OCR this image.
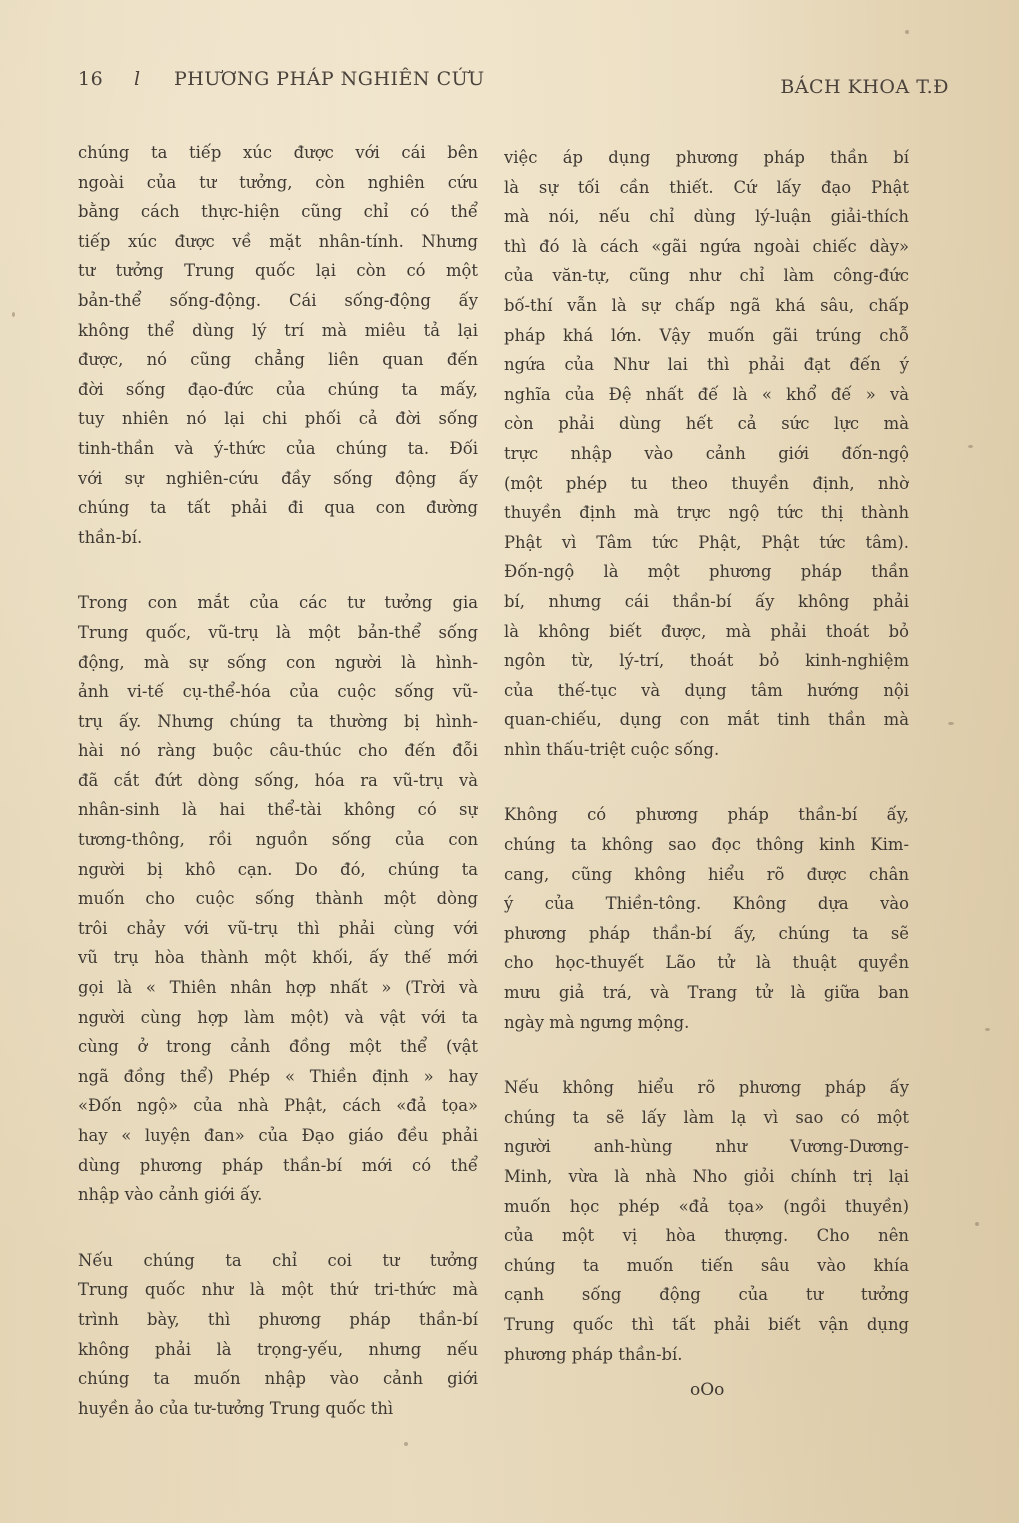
16 l PHƯƠNG PHÁP NGHIÊN CỨU	BÁCH KHOA T.Đ
chúng ta tiếp xúc được với cái bên
ngoài của tư tưởng, còn nghiên cứu
bằng cách thực-hiện cũng chỉ có thể
tiếp xúc được về mặt nhân-tính. Nhưng
tư tưởng Trung quốc lại còn có một
bản-thể sống-động. Cái sống-động ấy
không thể dùng lý trí mà miêu tả lại
được, nó cũng chẳng liên quan đến
đời sống đạo-đức của chúng ta mấy,
tuy nhiên nó lại chi phối cả đời sống
tinh-thần và ý-thức của chúng ta. Đối
với sự nghiên-cứu đầy sống động ấy
chúng ta tất phải đi qua con đường
thần-bí.
Trong con mắt của các tư tưởng gia
Trung quốc, vũ-trụ là một bản-thể sống
động, mà sự sống con người là hình-
ảnh vi-tế cụ-thể-hóa của cuộc sống vũ-
trụ ấy. Nhưng chúng ta thường bị hình-
hài nó ràng buộc câu-thúc cho đến đỗi
đã cắt đứt dòng sống, hóa ra vũ-trụ và
nhân-sinh là hai thể-tài không có sự
tương-thông, rồi nguồn sống của con
người bị khô cạn. Do đó, chúng ta
muốn cho cuộc sống thành một dòng
trôi chảy với vũ-trụ thì phải cùng với
vũ trụ hòa thành một khối, ấy thế mới
gọi là « Thiên nhân hợp nhất » (Trời và
người cùng hợp làm một) và vật với ta
cùng ở trong cảnh đồng một thể (vật
ngã đồng thể) Phép « Thiền định » hay
«Đốn ngộ» của nhà Phật, cách «đả tọa»
hay « luyện đan» của Đạo giáo đều phải
dùng phương pháp thần-bí mới có thể
nhập vào cảnh giới ấy.
Nếu chúng ta chỉ coi tư tưởng
Trung quốc như là một thứ tri-thức mà
trình bày, thì phương pháp thần-bí
không phải là trọng-yếu, nhưng nếu
chúng ta muốn nhập vào cảnh giới
huyền ảo của tư-tưởng Trung quốc thì
việc áp dụng phương pháp thần bí
là sự tối cần thiết. Cứ lấy đạo Phật
mà nói, nếu chỉ dùng lý-luận giải-thích
thì đó là cách «gãi ngứa ngoài chiếc dày»
của văn-tự, cũng như chỉ làm công-đức
bố-thí vẫn là sự chấp ngã khá sâu, chấp
pháp khá lớn. Vậy muốn gãi trúng chỗ
ngứa của Như lai thì phải đạt đến ý
nghĩa của Đệ nhất đế là « khổ đế » và
còn phải dùng hết cả sức lực mà
trực nhập vào cảnh giới đốn-ngộ
(một phép tu theo thuyền định, nhờ
thuyền định mà trực ngộ tức thị thành
Phật vì Tâm tức Phật, Phật tức tâm).
Đốn-ngộ là một phương pháp thần
bí, nhưng cái thần-bí ấy không phải
là không biết được, mà phải thoát bỏ
ngôn từ, lý-trí, thoát bỏ kinh-nghiệm
của thế-tục và dụng tâm hướng nội
quan-chiếu, dụng con mắt tinh thần mà
nhìn thấu-triệt cuộc sống.
Không có phương pháp thần-bí ấy,
chúng ta không sao đọc thông kinh Kim-
cang, cũng không hiểu rõ được chân
ý của Thiền-tông. Không dựa vào
phương pháp thần-bí ấy, chúng ta sẽ
cho học-thuyết Lão tử là thuật quyền
mưu giả trá, và Trang tử là giữa ban
ngày mà ngưng mộng.
Nếu không hiểu rõ phương pháp ấy
chúng ta sẽ lấy làm lạ vì sao có một
người anh-hùng như Vương-Dương-
Minh, vừa là nhà Nho giỏi chính trị lại
muốn học phép «đả tọa» (ngồi thuyền)
của một vị hòa thượng. Cho nên
chúng ta muốn tiến sâu vào khía
cạnh sống động của tư tưởng
Trung quốc thì tất phải biết vận dụng
phương pháp thần-bí.
oOo
